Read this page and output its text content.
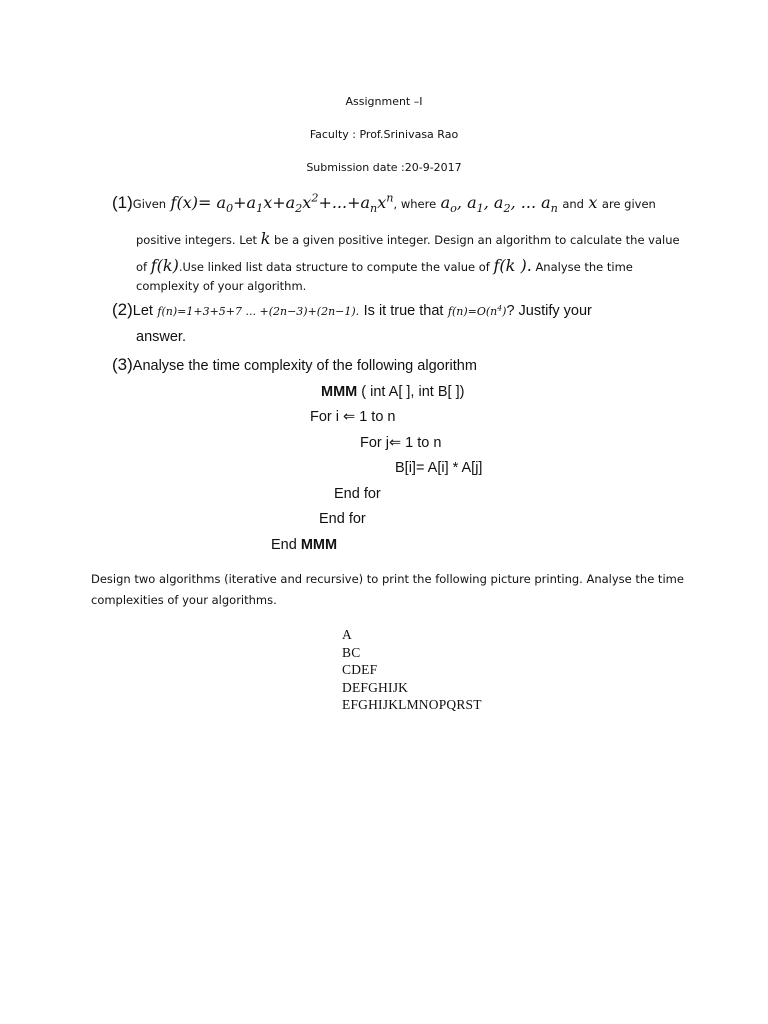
Assignment –I
Faculty : Prof.Srinivasa Rao
Submission date :20-9-2017
(1)Given $f(x)= a_0+a_1x+a_2x^2+...+a_nx^n$, where $a_o$, $a_1$, $a_2$, ... $a_n$ and x are given
positive integers. Let k be a given positive integer. Design an algorithm to calculate the value
of f(k).Use linked list data structure to compute the value of f(k ). Analyse the time
complexity of your algorithm.
(2)Let f(n)=1+3+5+7 ... +(2n−3)+(2n−1). Is it true that $f(n)=O(n^4)$? Justify your
answer.
(3)Analyse the time complexity of the following algorithm
MMM ( int A[ ], int B[ ])
For i ⇐ 1 to n
For j⇐ 1 to n
B[i]= A[i] * A[j]
End for
End for
End MMM
Design two algorithms (iterative and recursive) to print the following picture printing. Analyse the time
complexities of your algorithms.
A
BC
CDEF
DEFGHIJK
EFGHIJKLMNOPQRST
